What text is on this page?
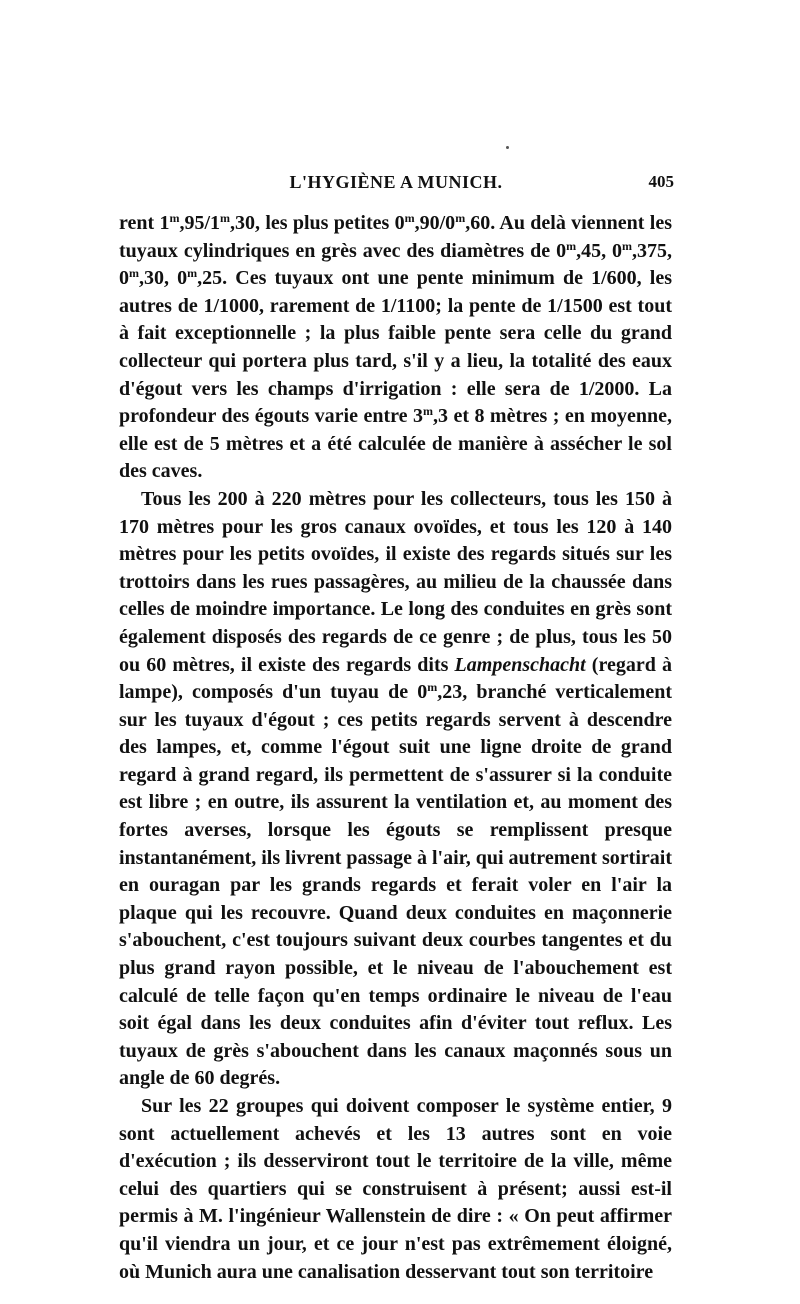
L'HYGIÈNE A MUNICH.	405

rent 1$^m$,95/1$^m$,30, les plus petites 0$^m$,90/0$^m$,60. Au delà viennent les tuyaux cylindriques en grès avec des diamètres de 0$^m$,45, 0$^m$,375, 0$^m$,30, 0$^m$,25. Ces tuyaux ont une pente minimum de 1/600, les autres de 1/1000, rarement de 1/1100; la pente de 1/1500 est tout à fait exceptionnelle ; la plus faible pente sera celle du grand collecteur qui portera plus tard, s'il y a lieu, la totalité des eaux d'égout vers les champs d'irrigation : elle sera de 1/2000. La profondeur des égouts varie entre 3$^m$,3 et 8 mètres ; en moyenne, elle est de 5 mètres et a été calculée de manière à assécher le sol des caves.

Tous les 200 à 220 mètres pour les collecteurs, tous les 150 à 170 mètres pour les gros canaux ovoïdes, et tous les 120 à 140 mètres pour les petits ovoïdes, il existe des regards situés sur les trottoirs dans les rues passagères, au milieu de la chaussée dans celles de moindre importance. Le long des conduites en grès sont également disposés des regards de ce genre ; de plus, tous les 50 ou 60 mètres, il existe des regards dits Lampenschacht (regard à lampe), composés d'un tuyau de 0$^m$,23, branché verticalement sur les tuyaux d'égout ; ces petits regards servent à descendre des lampes, et, comme l'égout suit une ligne droite de grand regard à grand regard, ils permettent de s'assurer si la conduite est libre ; en outre, ils assurent la ventilation et, au moment des fortes averses, lorsque les égouts se remplissent presque instantanément, ils livrent passage à l'air, qui autrement sortirait en ouragan par les grands regards et ferait voler en l'air la plaque qui les recouvre. Quand deux conduites en maçonnerie s'abouchent, c'est toujours suivant deux courbes tangentes et du plus grand rayon possible, et le niveau de l'abouchement est calculé de telle façon qu'en temps ordinaire le niveau de l'eau soit égal dans les deux conduites afin d'éviter tout reflux. Les tuyaux de grès s'abouchent dans les canaux maçonnés sous un angle de 60 degrés.

Sur les 22 groupes qui doivent composer le système entier, 9 sont actuellement achevés et les 13 autres sont en voie d'exécution ; ils desserviront tout le territoire de la ville, même celui des quartiers qui se construisent à présent; aussi est-il permis à M. l'ingénieur Wallenstein de dire : « On peut affirmer qu'il viendra un jour, et ce jour n'est pas extrêmement éloigné, où Munich aura une canalisation desservant tout son territoire
